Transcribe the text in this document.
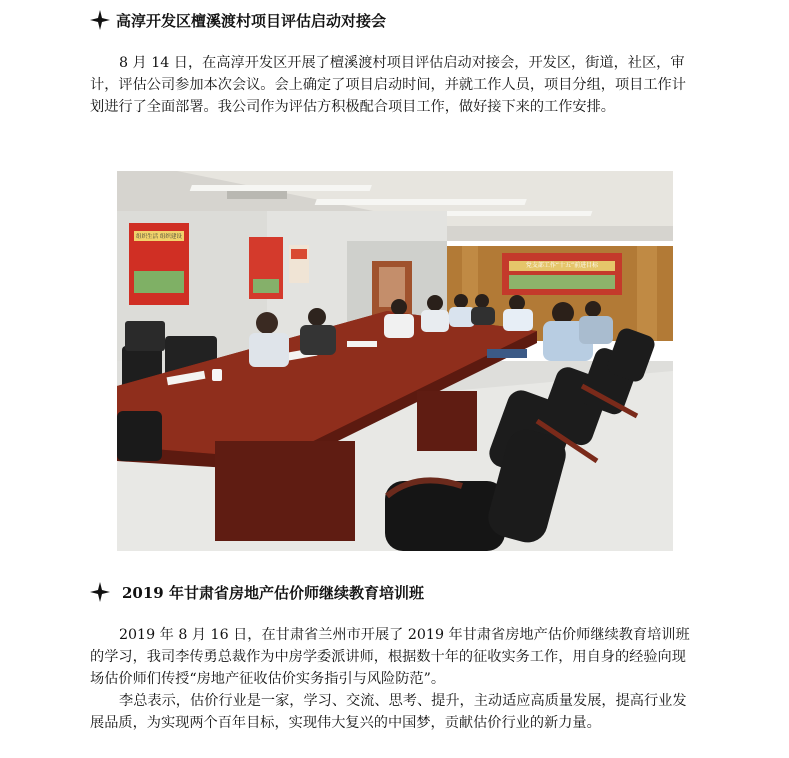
高淳开发区檀溪渡村项目评估启动对接会

8 月 14 日，在高淳开发区开展了檀溪渡村项目评估启动对接会，开发区，街道，社区，审计，评估公司参加本次会议。会上确定了项目启动时间，并就工作人员，项目分组，项目工作计划进行了全面部署。我公司作为评估方积极配合项目工作，做好接下来的工作安排。

党支部工作“十五”前进目标
组织生活 组织建设
2019 年甘肃省房地产估价师继续教育培训班

2019 年 8 月 16 日，在甘肃省兰州市开展了 2019 年甘肃省房地产估价师继续教育培训班的学习，我司李传勇总裁作为中房学委派讲师，根据数十年的征收实务工作，用自身的经验向现场估价师们传授“房地产征收估价实务指引与风险防范”。

李总表示，估价行业是一家，学习、交流、思考、提升，主动适应高质量发展，提高行业发展品质，为实现两个百年目标，实现伟大复兴的中国梦，贡献估价行业的新力量。
